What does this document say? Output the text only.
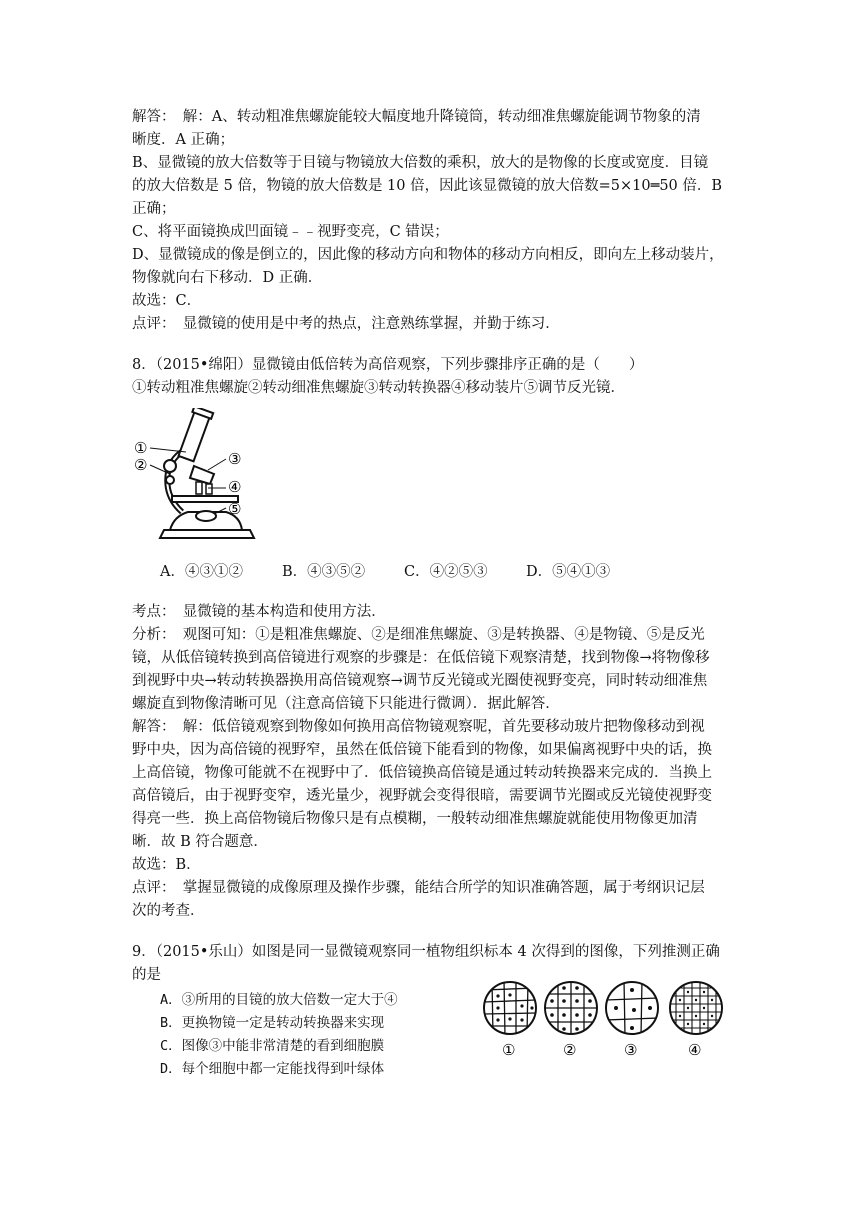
解答：　解：A、转动粗准焦螺旋能较大幅度地升降镜筒，转动细准焦螺旋能调节物象的清
晰度．A 正确；
B、显微镜的放大倍数等于目镜与物镜放大倍数的乘积，放大的是物像的长度或宽度．目镜
的放大倍数是 5 倍，物镜的放大倍数是 10 倍，因此该显微镜的放大倍数=5×10═50 倍．B
正确；
C、将平面镜换成凹面镜﹣﹣视野变亮，C 错误；
D、显微镜成的像是倒立的，因此像的移动方向和物体的移动方向相反，即向左上移动装片，
物像就向右下移动．D 正确．
故选：C．
点评：　显微镜的使用是中考的热点，注意熟练掌握，并勤于练习．
8．（2015•绵阳）显微镜由低倍转为高倍观察，下列步骤排序正确的是（　　）
①转动粗准焦螺旋②转动细准焦螺旋③转动转换器④移动装片⑤调节反光镜．
①
②	③
④
⑤
A．④③①②	B．④③⑤②	C．④②⑤③	D．⑤④①③
考点：　显微镜的基本构造和使用方法．
分析：　观图可知：①是粗准焦螺旋、②是细准焦螺旋、③是转换器、④是物镜、⑤是反光
镜，从低倍镜转换到高倍镜进行观察的步骤是：在低倍镜下观察清楚，找到物像→将物像移
到视野中央→转动转换器换用高倍镜观察→调节反光镜或光圈使视野变亮，同时转动细准焦
螺旋直到物像清晰可见（注意高倍镜下只能进行微调）．据此解答．
解答：　解：低倍镜观察到物像如何换用高倍物镜观察呢，首先要移动玻片把物像移动到视
野中央，因为高倍镜的视野窄，虽然在低倍镜下能看到的物像，如果偏离视野中央的话，换
上高倍镜，物像可能就不在视野中了．低倍镜换高倍镜是通过转动转换器来完成的．当换上
高倍镜后，由于视野变窄，透光量少，视野就会变得很暗，需要调节光圈或反光镜使视野变
得亮一些．换上高倍物镜后物像只是有点模糊，一般转动细准焦螺旋就能使用物像更加清
晰．故 B 符合题意．
故选：B．
点评：　掌握显微镜的成像原理及操作步骤，能结合所学的知识准确答题，属于考纲识记层
次的考查．
9．（2015•乐山）如图是同一显微镜观察同一植物组织标本 4 次得到的图像，下列推测正确
的是
A．③所用的目镜的放大倍数一定大于④
B．更换物镜一定是转动转换器来实现
C．图像③中能非常清楚的看到细胞膜
D．每个细胞中都一定能找得到叶绿体
①	②	③	④
